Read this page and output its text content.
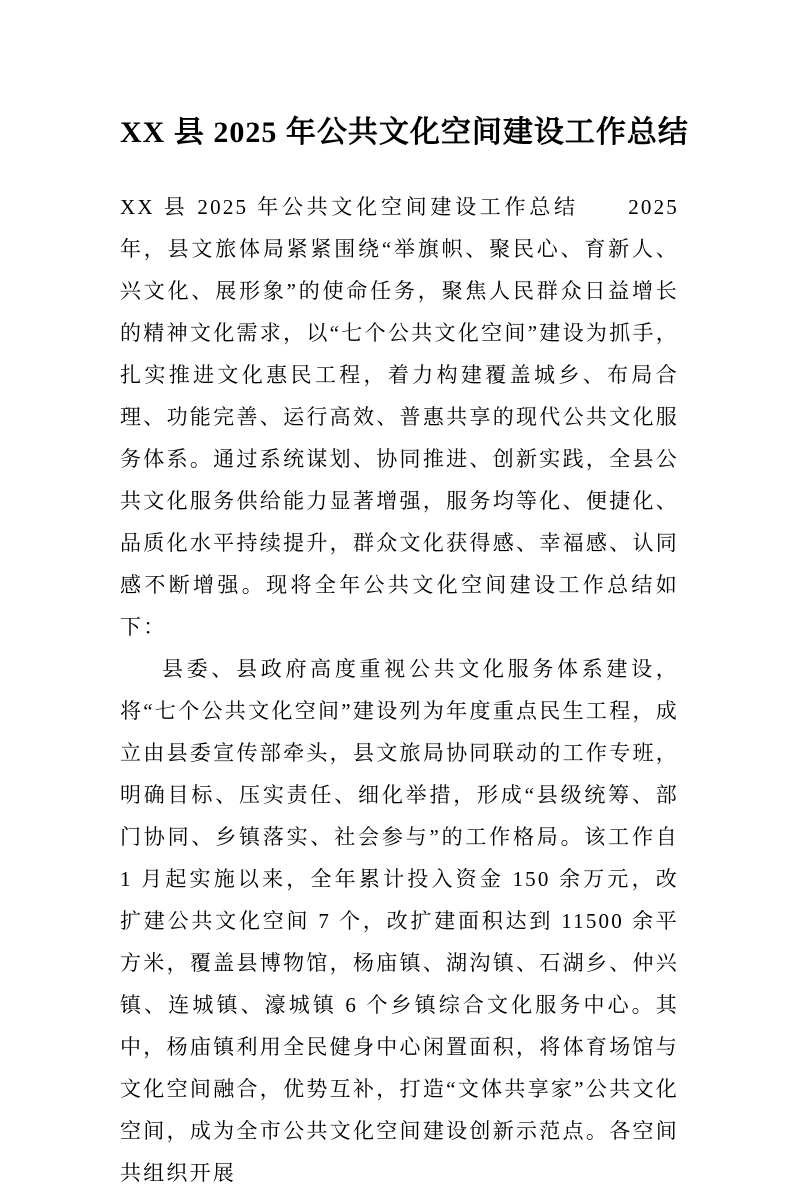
XX 县 2025 年公共文化空间建设工作总结

XX 县 2025 年公共文化空间建设工作总结　　2025 年，县文旅体局紧紧围绕“举旗帜、聚民心、育新人、兴文化、展形象”的使命任务，聚焦人民群众日益增长的精神文化需求，以“七个公共文化空间”建设为抓手，扎实推进文化惠民工程，着力构建覆盖城乡、布局合理、功能完善、运行高效、普惠共享的现代公共文化服务体系。通过系统谋划、协同推进、创新实践，全县公共文化服务供给能力显著增强，服务均等化、便捷化、品质化水平持续提升，群众文化获得感、幸福感、认同感不断增强。现将全年公共文化空间建设工作总结如下：

县委、县政府高度重视公共文化服务体系建设，将“七个公共文化空间”建设列为年度重点民生工程，成立由县委宣传部牵头，县文旅局协同联动的工作专班，明确目标、压实责任、细化举措，形成“县级统筹、部门协同、乡镇落实、社会参与”的工作格局。该工作自 1 月起实施以来，全年累计投入资金 150 余万元，改扩建公共文化空间 7 个，改扩建面积达到 11500 余平方米，覆盖县博物馆，杨庙镇、湖沟镇、石湖乡、仲兴镇、连城镇、濠城镇 6 个乡镇综合文化服务中心。其中，杨庙镇利用全民健身中心闲置面积，将体育场馆与文化空间融合，优势互补，打造“文体共享家”公共文化空间，成为全市公共文化空间建设创新示范点。各空间共组织开展
